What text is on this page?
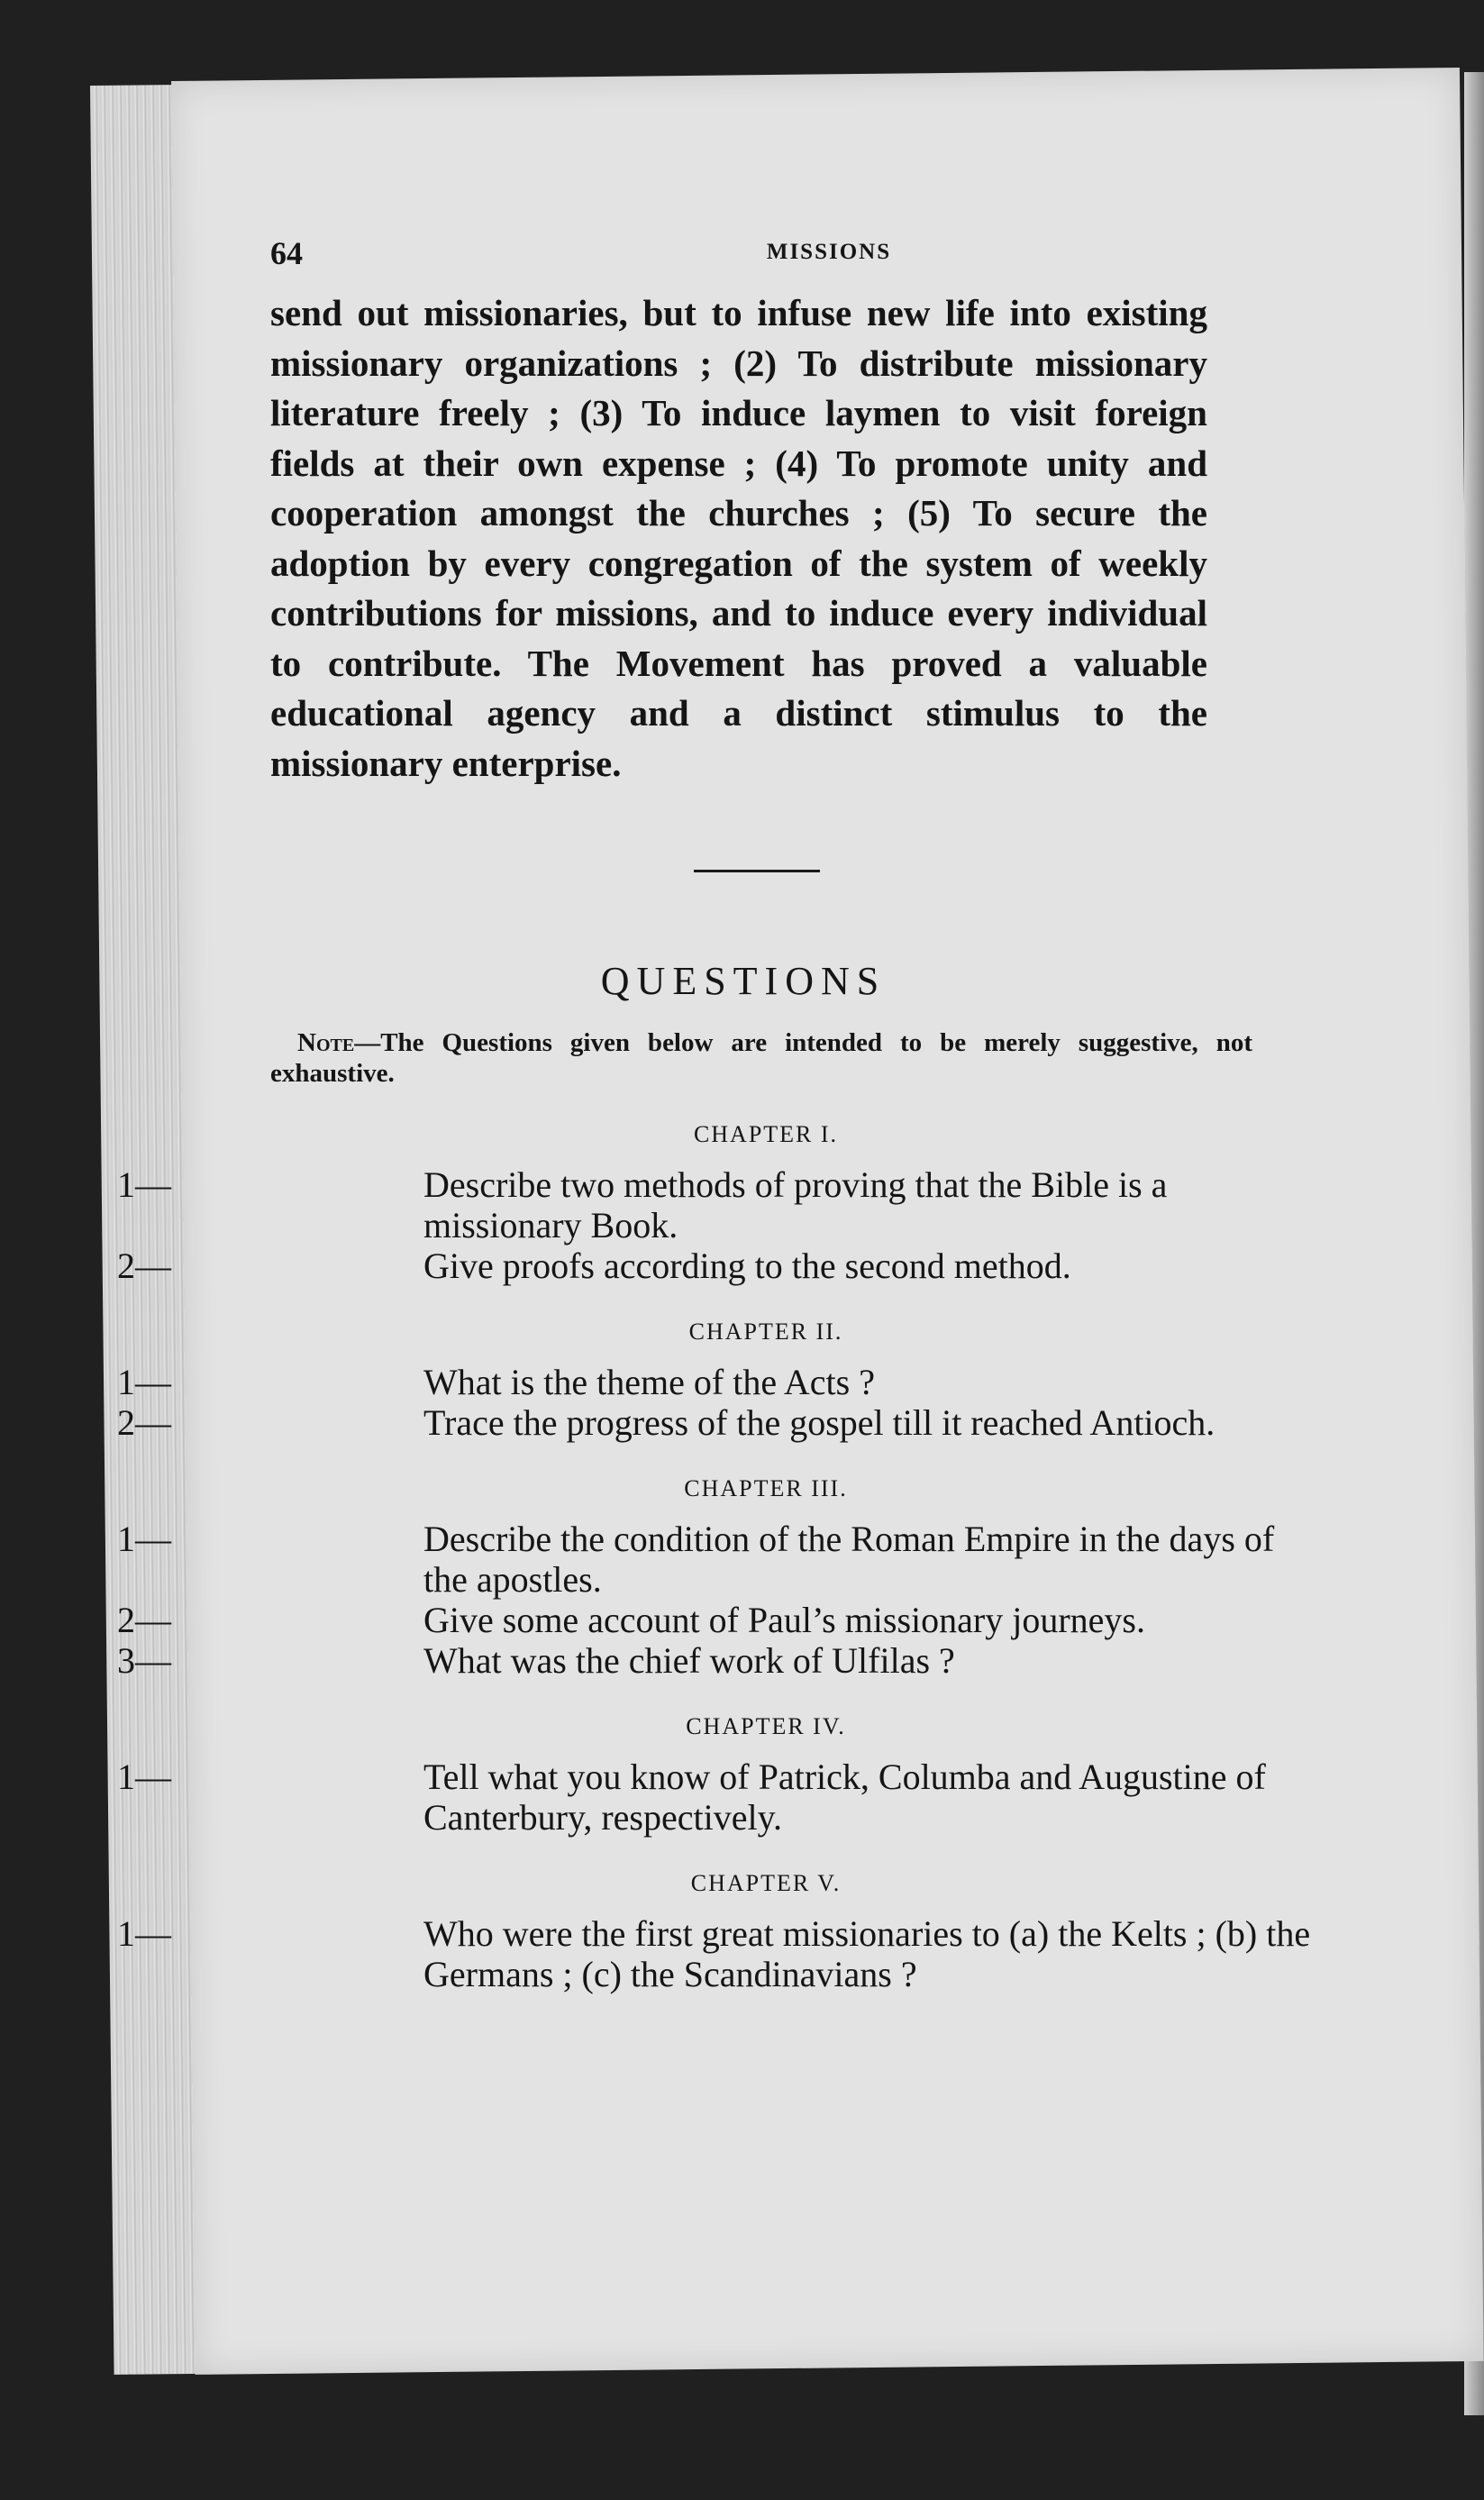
64	MISSIONS

send out missionaries, but to infuse new life into existing missionary organizations ; (2) To distribute missionary literature freely ; (3) To induce laymen to visit foreign fields at their own expense ; (4) To promote unity and cooperation amongst the churches ; (5) To secure the adoption by every congregation of the system of weekly contributions for missions, and to induce every individual to contribute. The Movement has proved a valuable educational agency and a distinct stimulus to the missionary enterprise.

QUESTIONS

Note—The Questions given below are intended to be merely suggestive, not exhaustive.

CHAPTER I.

1—	Describe two methods of proving that the Bible is a missionary Book.

2—	Give proofs according to the second method.

CHAPTER II.

1—	What is the theme of the Acts ?

2—	Trace the progress of the gospel till it reached Antioch.

CHAPTER III.

1—	Describe the condition of the Roman Empire in the days of the apostles.

2—	Give some account of Paul’s missionary journeys.

3—	What was the chief work of Ulfilas ?

CHAPTER IV.

1—	Tell what you know of Patrick, Columba and Augustine of Canterbury, respectively.

CHAPTER V.

1—	Who were the first great missionaries to (a) the Kelts ; (b) the Germans ; (c) the Scandinavians ?
